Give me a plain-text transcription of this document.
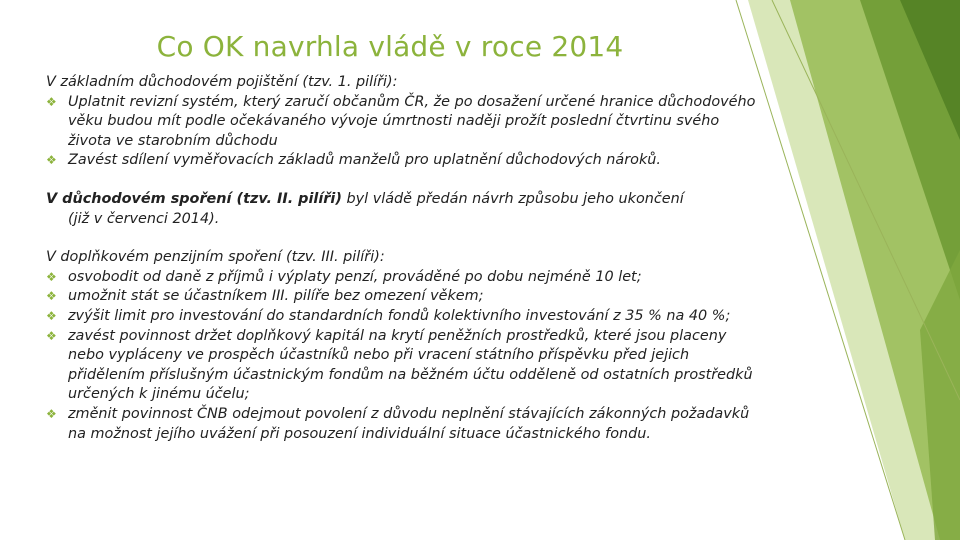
Co OK navrhla vládě v roce 2014

V základním důchodovém pojištění (tzv. 1. pilíři):

❖ Uplatnit revizní systém, který zaručí občanům ČR, že po dosažení určené hranice důchodového věku budou mít podle očekávaného vývoje úmrtnosti naději prožít poslední čtvrtinu svého života ve starobním důchodu

❖ Zavést sdílení vyměřovacích základů manželů pro uplatnění důchodových nároků.

V důchodovém spoření (tzv. II. pilíři) byl vládě předán návrh způsobu jeho ukončení

(již v červenci 2014).

V doplňkovém penzijním spoření (tzv. III. pilíři):

❖ osvobodit od daně z příjmů i výplaty penzí, prováděné po dobu nejméně 10 let;

❖ umožnit stát se účastníkem III. pilíře bez omezení věkem;

❖ zvýšit limit pro investování do standardních fondů kolektivního investování z 35 % na 40 %;

❖ zavést povinnost držet doplňkový kapitál na krytí peněžních prostředků, které jsou placeny nebo vypláceny ve prospěch účastníků nebo při vracení státního příspěvku před jejich přidělením příslušným účastnickým fondům na běžném účtu odděleně od ostatních prostředků určených k jinému účelu;

❖ změnit povinnost ČNB odejmout povolení z důvodu neplnění stávajících zákonných požadavků na možnost jejího uvážení při posouzení individuální situace účastnického fondu.
